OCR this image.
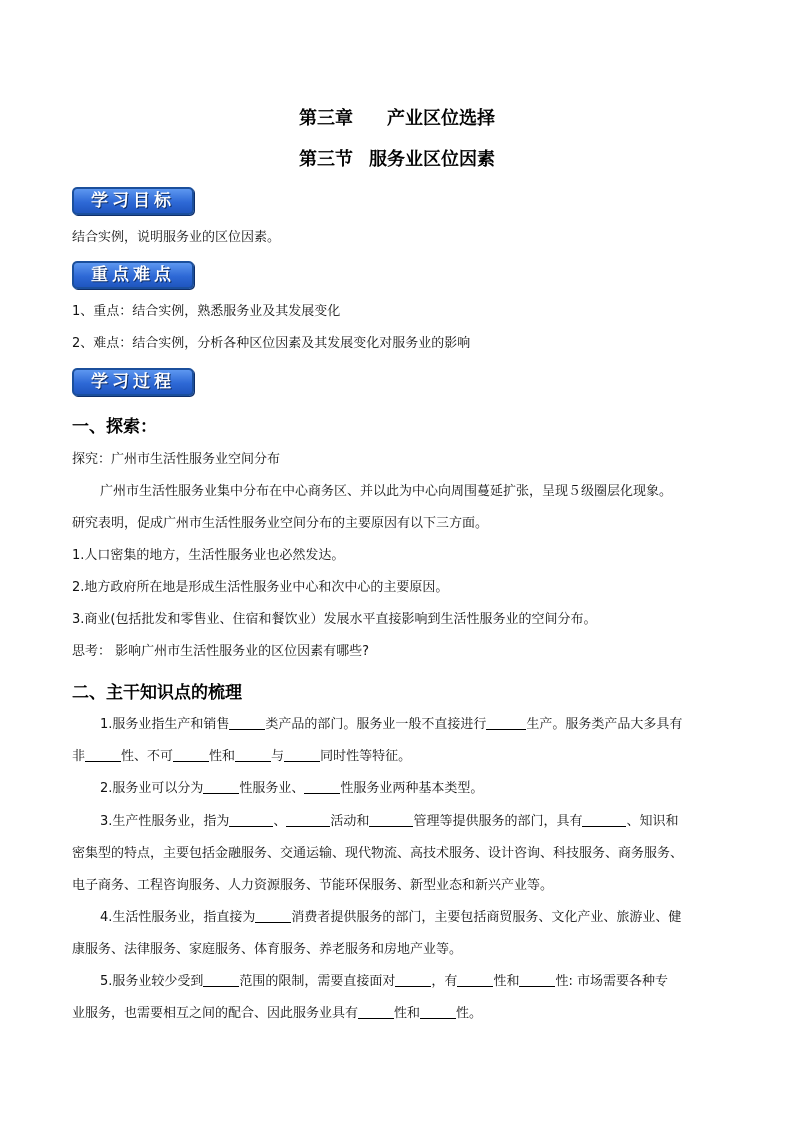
第三章 产业区位选择
第三节 服务业区位因素
学习目标
结合实例，说明服务业的区位因素。
重点难点
1、重点：结合实例，熟悉服务业及其发展变化
2、难点：结合实例，分析各种区位因素及其发展变化对服务业的影响
学习过程
一、探索：
探究：广州市生活性服务业空间分布
广州市生活性服务业集中分布在中心商务区、并以此为中心向周围蔓延扩张，呈现５级圈层化现象。
研究表明，促成广州市生活性服务业空间分布的主要原因有以下三方面。
1.人口密集的地方，生活性服务业也必然发达。
2.地方政府所在地是形成生活性服务业中心和次中心的主要原因。
3.商业(包括批发和零售业、住宿和餐饮业）发展水平直接影响到生活性服务业的空间分布。
思考： 影响广州市生活性服务业的区位因素有哪些?
二、主干知识点的梳理
1.服务业指生产和销售	类产品的部门。服务业一般不直接进行	生产。服务类产品大多具有
非	性、不可	性和	与	同时性等特征。
2.服务业可以分为	性服务业、	性服务业两种基本类型。
3.生产性服务业，指为	、	活动和	管理等提供服务的部门，具有	、知识和
密集型的特点，主要包括金融服务、交通运输、现代物流、高技术服务、设计咨询、科技服务、商务服务、
电子商务、工程咨询服务、人力资源服务、节能环保服务、新型业态和新兴产业等。
4.生活性服务业，指直接为	消费者提供服务的部门，主要包括商贸服务、文化产业、旅游业、健
康服务、法律服务、家庭服务、体育服务、养老服务和房地产业等。
5.服务业较少受到	范围的限制，需要直接面对	，有	性和	性: 市场需要各种专
业服务，也需要相互之间的配合、因此服务业具有	性和	性。
